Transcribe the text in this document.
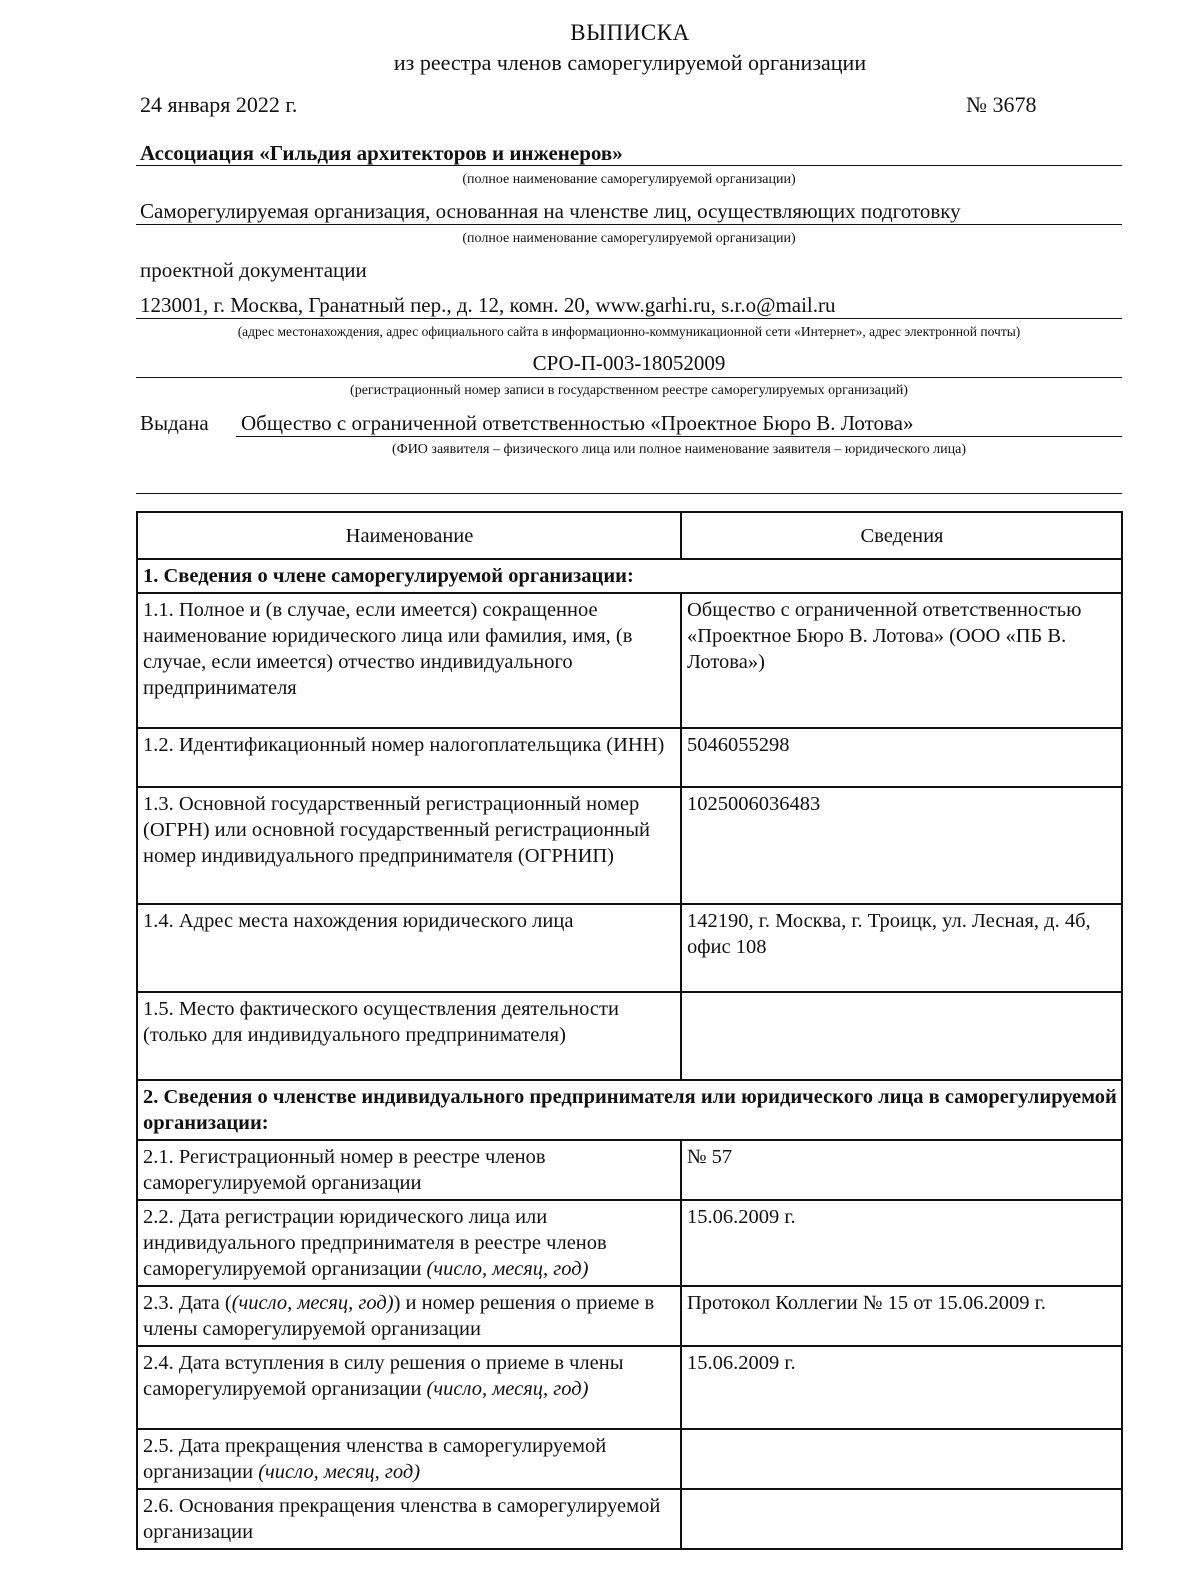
ВЫПИСКА
из реестра членов саморегулируемой организации
24 января 2022 г.	№ 3678
Ассоциация «Гильдия архитекторов и инженеров»
(полное наименование саморегулируемой организации)
Саморегулируемая организация, основанная на членстве лиц, осуществляющих подготовку
(полное наименование саморегулируемой организации)
проектной документации
123001, г. Москва, Гранатный пер., д. 12, комн. 20, www.garhi.ru, s.r.o@mail.ru
(адрес местонахождения, адрес официального сайта в информационно-коммуникационной сети «Интернет», адрес электронной почты)
СРО-П-003-18052009
(регистрационный номер записи в государственном реестре саморегулируемых организаций)
Выдана Общество с ограниченной ответственностью «Проектное Бюро В. Лотова»
(ФИО заявителя – физического лица или полное наименование заявителя – юридического лица)
Наименование	Сведения
1. Сведения о члене саморегулируемой организации:	
1.1. Полное и (в случае, если имеется) сокращенное наименование юридического лица или фамилия, имя, (в случае, если имеется) отчество индивидуального предпринимателя	Общество с ограниченной ответственностью «Проектное Бюро В. Лотова» (ООО «ПБ В. Лотова»)
1.2. Идентификационный номер налогоплательщика (ИНН)	5046055298
1.3. Основной государственный регистрационный номер (ОГРН) или основной государственный регистрационный номер индивидуального предпринимателя (ОГРНИП)	1025006036483
1.4. Адрес места нахождения юридического лица	142190, г. Москва, г. Троицк, ул. Лесная, д. 4б, офис 108
1.5. Место фактического осуществления деятельности (только для индивидуального предпринимателя)	
2. Сведения о членстве индивидуального предпринимателя или юридического лица в саморегулируемой организации:	
2.1. Регистрационный номер в реестре членов саморегулируемой организации	№ 57
2.2. Дата регистрации юридического лица или индивидуального предпринимателя в реестре членов саморегулируемой организации (число, месяц, год)	15.06.2009 г.
2.3. Дата ((число, месяц, год)) и номер решения о приеме в члены саморегулируемой организации	Протокол Коллегии № 15 от 15.06.2009 г.
2.4. Дата вступления в силу решения о приеме в члены саморегулируемой организации (число, месяц, год)	15.06.2009 г.
2.5. Дата прекращения членства в саморегулируемой организации (число, месяц, год)	
2.6. Основания прекращения членства в саморегулируемой организации	
